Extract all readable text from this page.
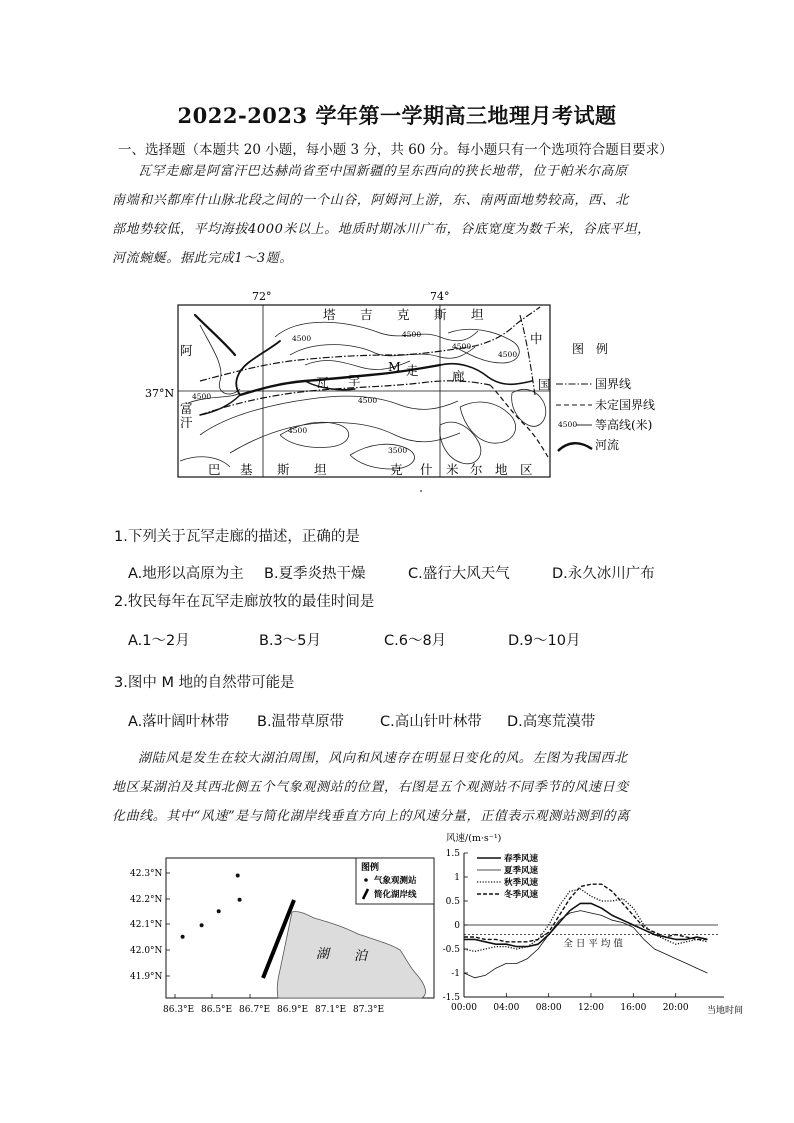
2022-2023 学年第一学期高三地理月考试题
一、选择题（本题共 20 小题，每小题 3 分，共 60 分。每小题只有一个选项符合题目要求）
瓦罕走廊是阿富汗巴达赫尚省至中国新疆的呈东西向的狭长地带，位于帕米尔高原
南端和兴都库什山脉北段之间的一个山谷，阿姆河上游，东、南两面地势较高，西、北
部地势较低，平均海拔4000米以上。地质时期冰川广布，谷底宽度为数千米，谷底平坦，
河流蜿蜒。据此完成1～3题。
72°	74°
37°N
4500	4500
4500
4500
4500
4500
4500
3500
塔 吉 克 斯 坦
阿
富
汗
中
国
瓦 罕
走	廊
M
巴 基 斯 坦	克 什 米 尔 地 区
图　例
国界线
未定国界线
4500 等高线(米)
河流
1.下列关于瓦罕走廊的描述，正确的是
A.地形以高原为主 B.夏季炎热干燥	C.盛行大风天气	D.永久冰川广布
2.牧民每年在瓦罕走廊放牧的最佳时间是
A.1～2月	B.3～5月	C.6～8月	D.9～10月
3.图中 M 地的自然带可能是
A.落叶阔叶林带 B.温带草原带 C.高山针叶林带 D.高寒荒漠带
湖陆风是发生在较大湖泊周围，风向和风速存在明显日变化的风。左图为我国西北
地区某湖泊及其西北侧五个气象观测站的位置，右图是五个观测站不同季节的风速日变
化曲线。其中“风速”是与简化湖岸线垂直方向上的风速分量，正值表示观测站测到的离
42.3°N
42.2°N
42.1°N
42.0°N
41.9°N
86.3°E 86.5°E 86.7°E 86.9°E 87.1°E 87.3°E
湖 泊
图例
气象观测站
简化湖岸线
风速/(m·s⁻¹)
当地时间
1.5
1
0.5
0
-0.5
-1
-1.5
00:00 04:00 08:00 12:00 16:00 20:00
全 日 平 均 值
春季风速
夏季风速
秋季风速
冬季风速
